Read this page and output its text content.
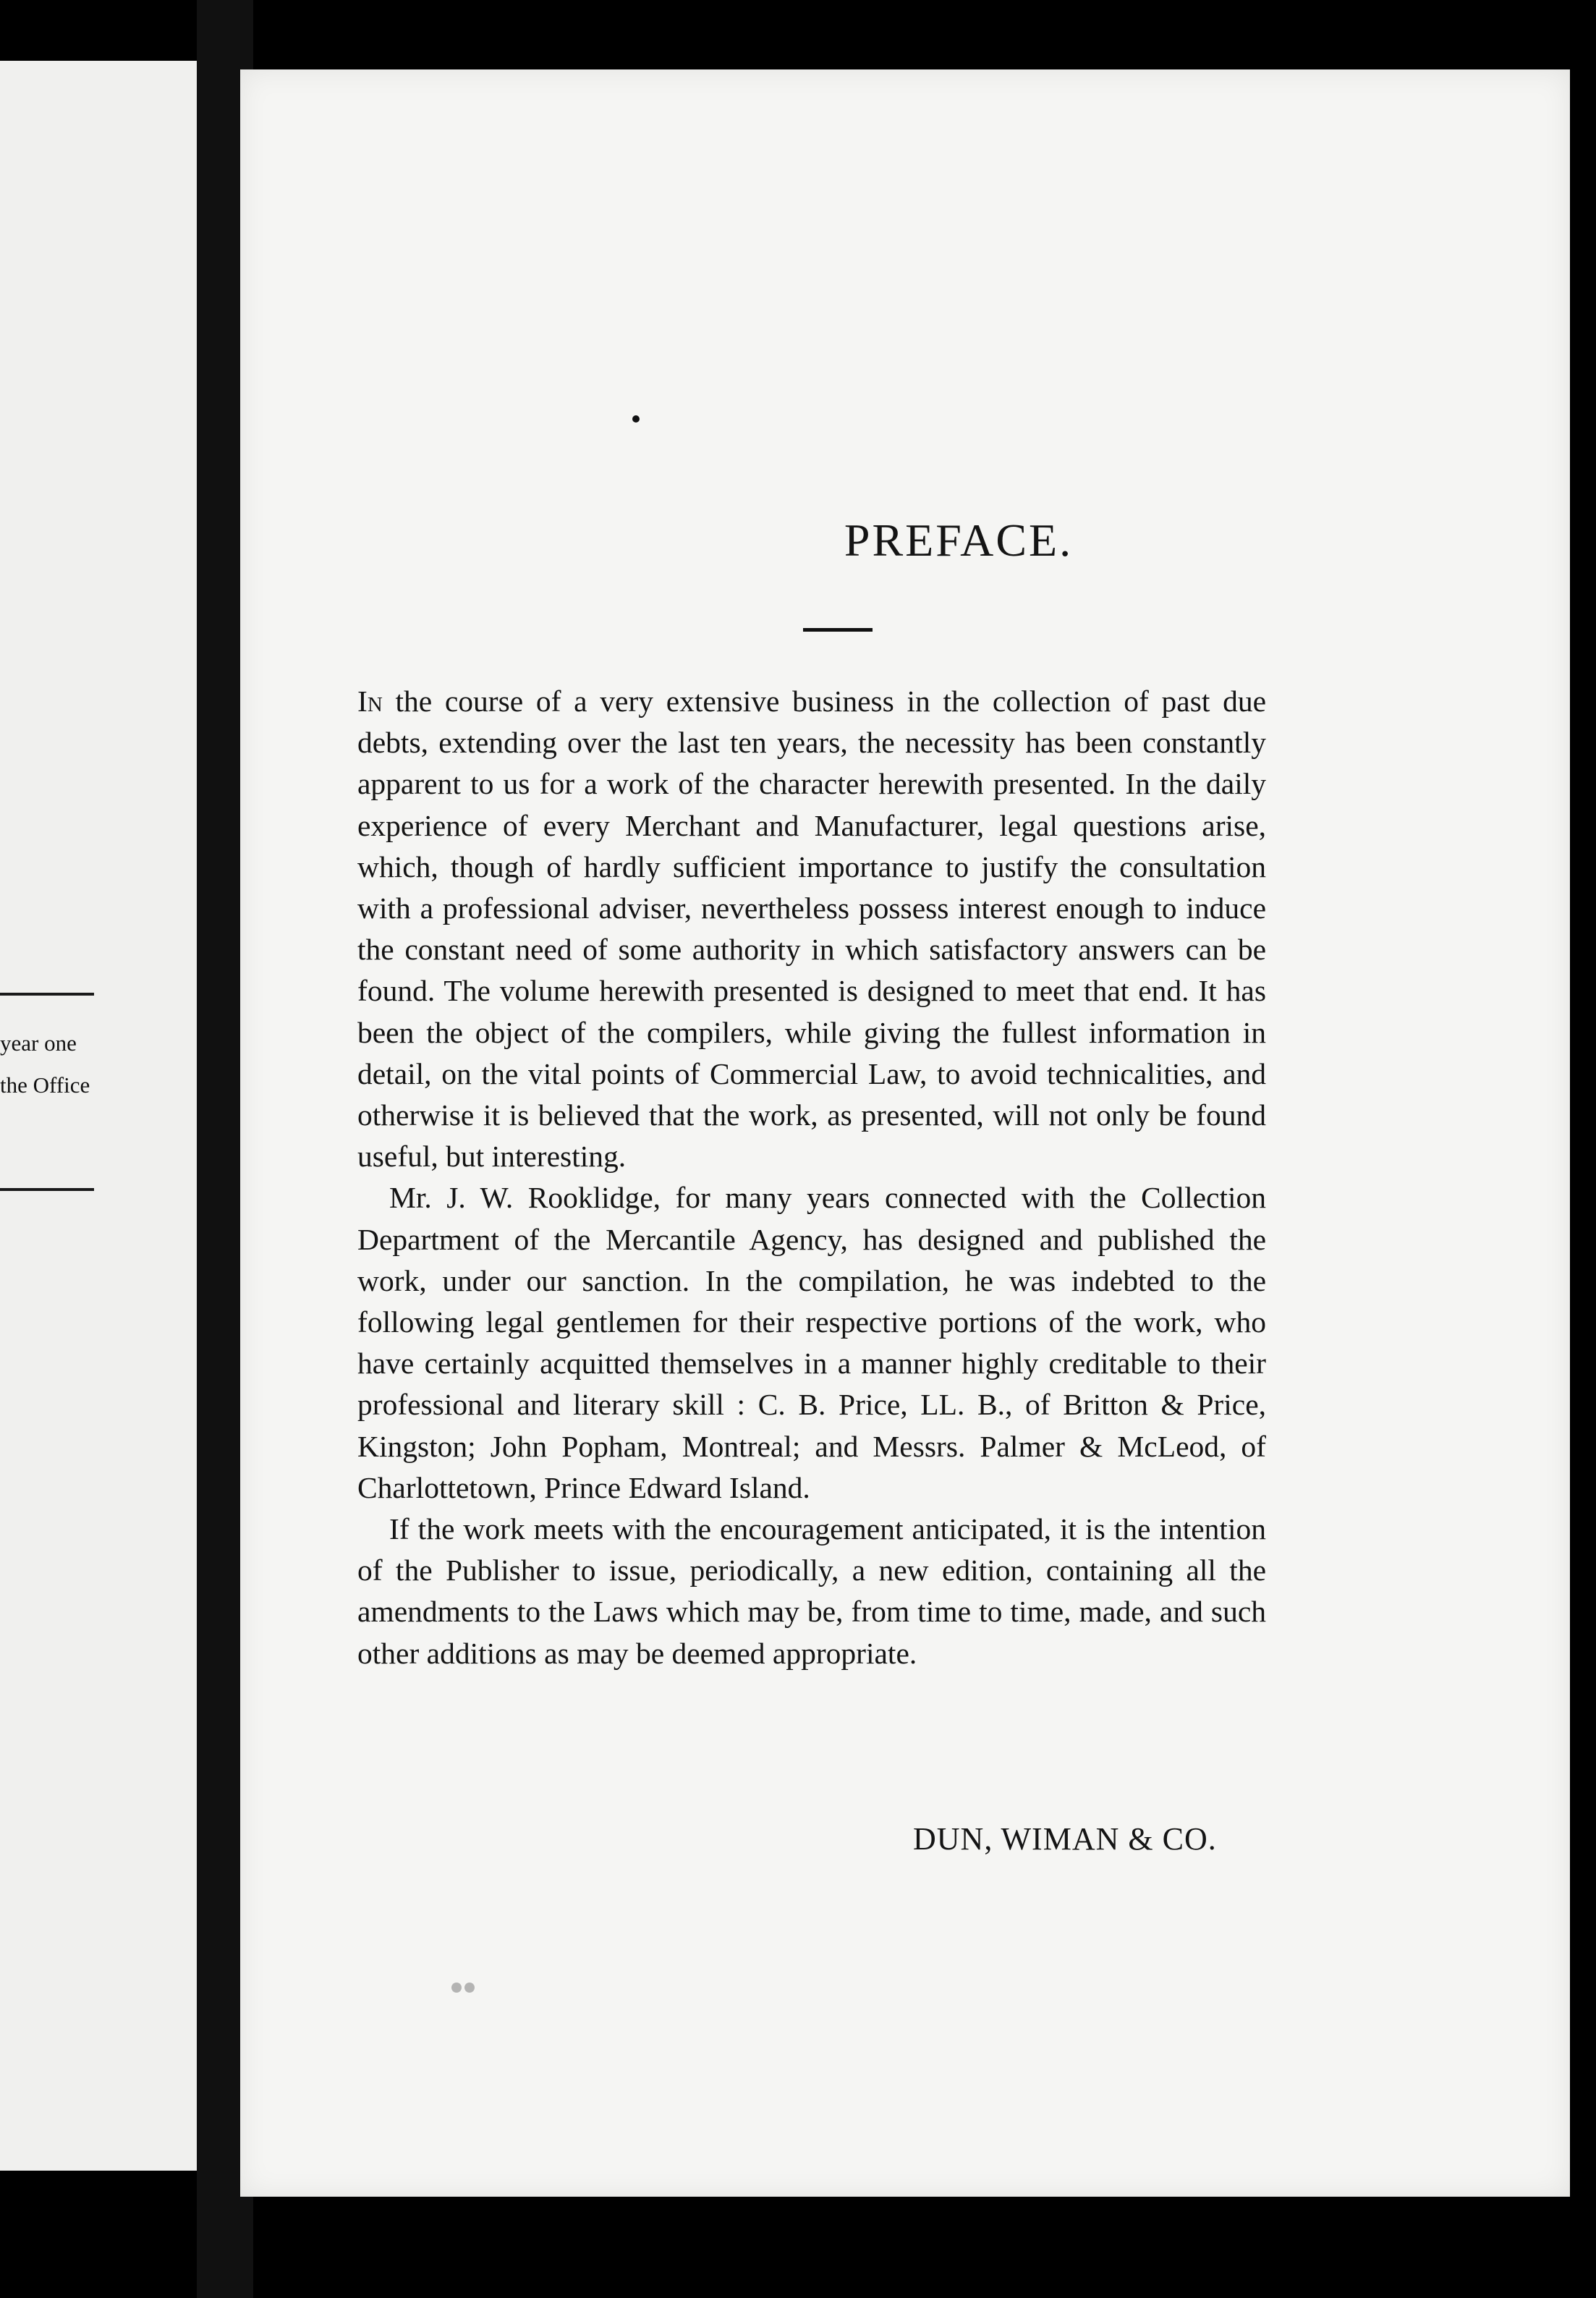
year one
the Office
PREFACE.

In the course of a very extensive business in the collection of past due debts, extending over the last ten years, the necessity has been constantly apparent to us for a work of the character herewith presented. In the daily experience of every Merchant and Manufacturer, legal questions arise, which, though of hardly sufficient importance to justify the consultation with a professional adviser, nevertheless possess interest enough to induce the constant need of some authority in which satisfactory answers can be found. The volume herewith presented is designed to meet that end. It has been the object of the compilers, while giving the fullest information in detail, on the vital points of Commercial Law, to avoid technicalities, and otherwise it is believed that the work, as presented, will not only be found useful, but interesting.

Mr. J. W. Rooklidge, for many years connected with the Collection Department of the Mercantile Agency, has designed and published the work, under our sanction. In the compilation, he was indebted to the following legal gentlemen for their respective portions of the work, who have certainly acquitted themselves in a manner highly creditable to their professional and literary skill : C. B. Price, LL. B., of Britton & Price, Kingston; John Popham, Montreal; and Messrs. Palmer & McLeod, of Charlottetown, Prince Edward Island.

If the work meets with the encouragement anticipated, it is the intention of the Publisher to issue, periodically, a new edition, containing all the amendments to the Laws which may be, from time to time, made, and such other additions as may be deemed appropriate.

DUN, WIMAN & CO.
